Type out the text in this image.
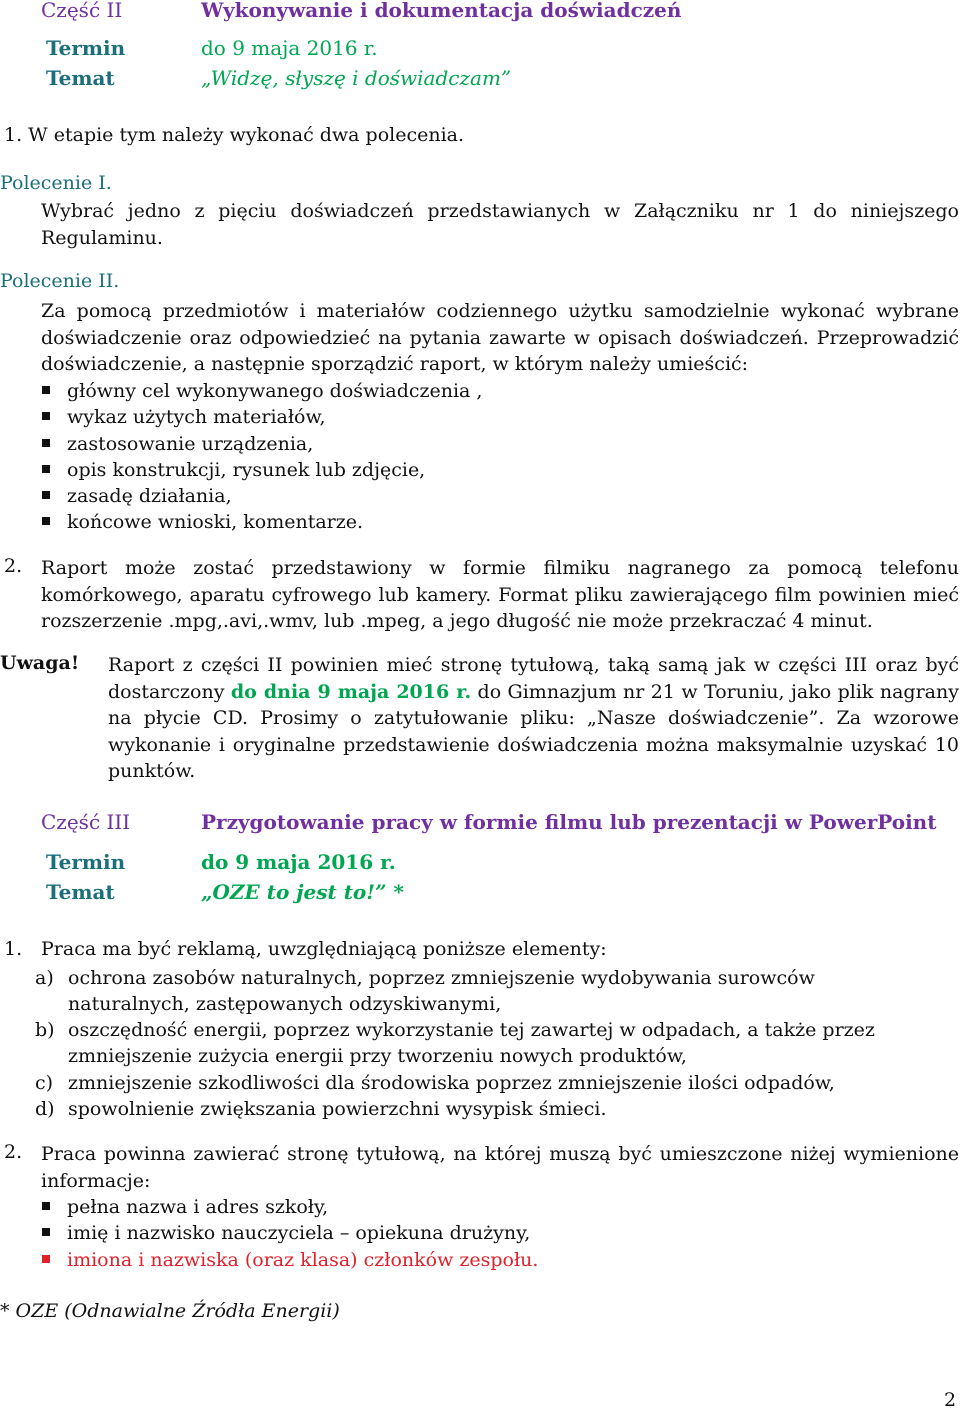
Część II	Wykonywanie i dokumentacja doświadczeń

Termin	do 9 maja 2016 r.

Temat	„Widzę, słyszę i doświadczam”

1. W etapie tym należy wykonać dwa polecenia.

Polecenie I.

Wybrać jedno z pięciu doświadczeń przedstawianych w Załączniku nr 1 do niniejszego Regulaminu.

Polecenie II.

Za pomocą przedmiotów i materiałów codziennego użytku samodzielnie wykonać wybrane doświadczenie oraz odpowiedzieć na pytania zawarte w opisach doświadczeń. Przeprowadzić doświadczenie, a następnie sporządzić raport, w którym należy umieścić:

główny cel wykonywanego doświadczenia ,
wykaz użytych materiałów,
zastosowanie urządzenia,
opis konstrukcji, rysunek lub zdjęcie,
zasadę działania,
końcowe wnioski, komentarze.

2. Raport może zostać przedstawiony w formie filmiku nagranego za pomocą telefonu komórkowego, aparatu cyfrowego lub kamery. Format pliku zawierającego film powinien mieć rozszerzenie .mpg,.avi,.wmv, lub .mpeg, a jego długość nie może przekraczać 4 minut.

Uwaga! Raport z części II powinien mieć stronę tytułową, taką samą jak w części III oraz być dostarczony do dnia 9 maja 2016 r. do Gimnazjum nr 21 w Toruniu, jako plik nagrany na płycie CD. Prosimy o zatytułowanie pliku: „Nasze doświadczenie”. Za wzorowe wykonanie i oryginalne przedstawienie doświadczenia można maksymalnie uzyskać 10 punktów.

Część III	Przygotowanie pracy w formie filmu lub prezentacji w PowerPoint

Termin	do 9 maja 2016 r.

Temat	„OZE to jest to!” *

1. Praca ma być reklamą, uwzględniającą poniższe elementy:

a) ochrona zasobów naturalnych, poprzez zmniejszenie wydobywania surowców

naturalnych, zastępowanych odzyskiwanymi,

b) oszczędność energii, poprzez wykorzystanie tej zawartej w odpadach, a także przez

zmniejszenie zużycia energii przy tworzeniu nowych produktów,

c) zmniejszenie szkodliwości dla środowiska poprzez zmniejszenie ilości odpadów,

d) spowolnienie zwiększania powierzchni wysypisk śmieci.

2. Praca powinna zawierać stronę tytułową, na której muszą być umieszczone niżej wymienione informacje:

pełna nazwa i adres szkoły,
imię i nazwisko nauczyciela – opiekuna drużyny,
imiona i nazwiska (oraz klasa) członków zespołu.

* OZE (Odnawialne Źródła Energii)

2
